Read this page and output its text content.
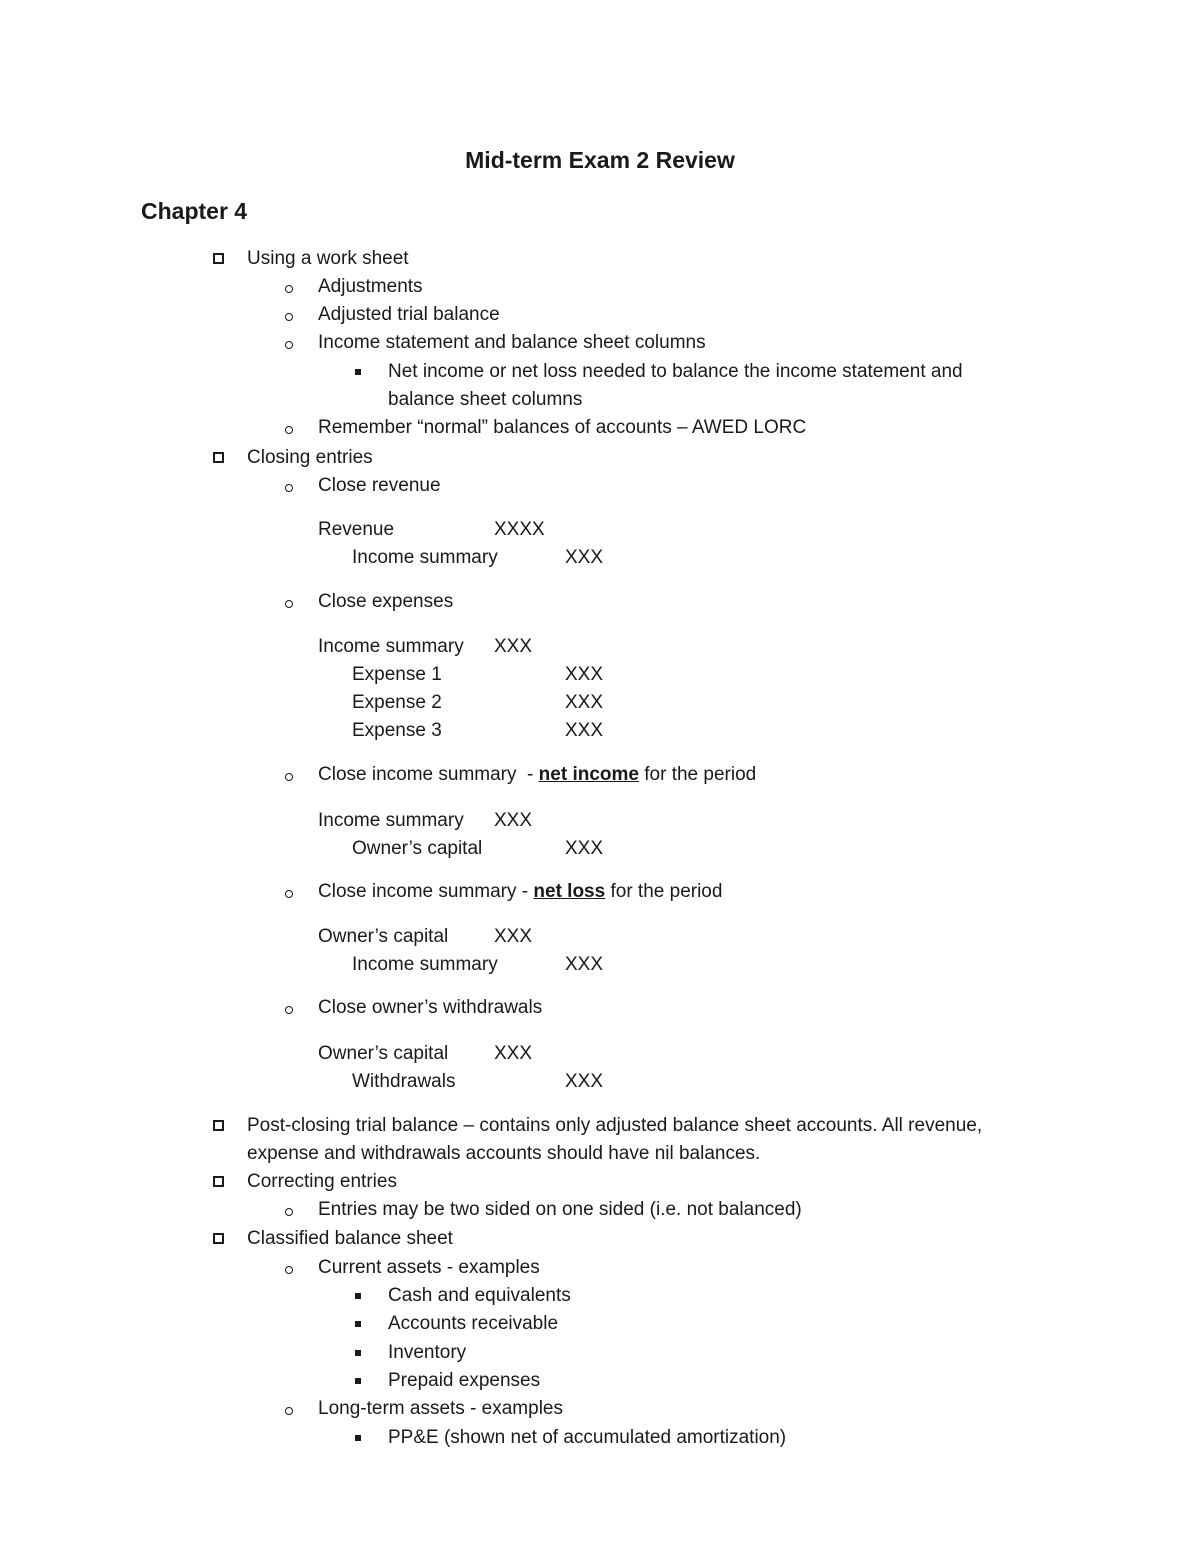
Mid-term Exam 2 Review
Chapter 4
Using a work sheet
Adjustments
Adjusted trial balance
Income statement and balance sheet columns
Net income or net loss needed to balance the income statement and
balance sheet columns
Remember “normal” balances of accounts – AWED LORC
Closing entries
Close revenue
Revenue	XXXX
Income summary	XXX
Close expenses
Income summary XXX
Expense 1	XXX
Expense 2	XXX
Expense 3	XXX
Close income summary  - net income for the period
Income summary XXX
Owner’s capital	XXX
Close income summary - net loss for the period
Owner’s capital XXX
Income summary	XXX
Close owner’s withdrawals
Owner’s capital XXX
Withdrawals	XXX
Post-closing trial balance – contains only adjusted balance sheet accounts. All revenue,
expense and withdrawals accounts should have nil balances.
Correcting entries
Entries may be two sided on one sided (i.e. not balanced)
Classified balance sheet
Current assets - examples
Cash and equivalents
Accounts receivable
Inventory
Prepaid expenses
Long-term assets - examples
PP&E (shown net of accumulated amortization)
